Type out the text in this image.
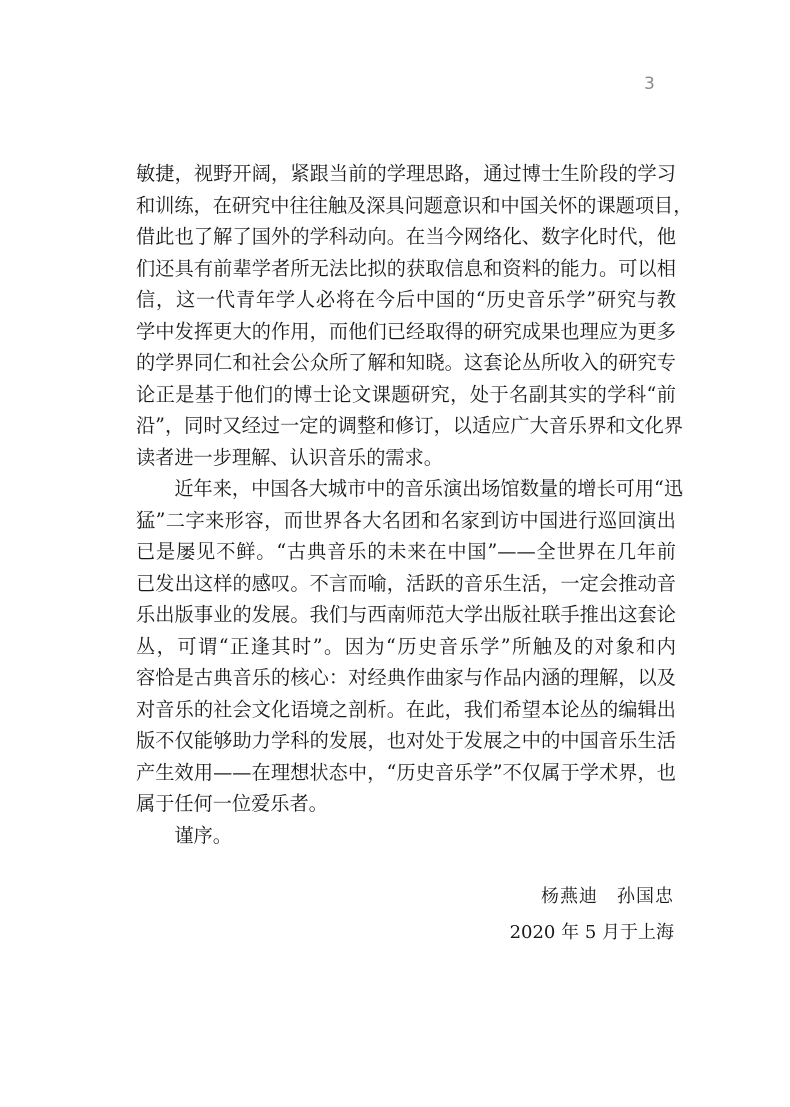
3
敏捷，视野开阔，紧跟当前的学理思路，通过博士生阶段的学习
和训练，在研究中往往触及深具问题意识和中国关怀的课题项目，
借此也了解了国外的学科动向。在当今网络化、数字化时代，他
们还具有前辈学者所无法比拟的获取信息和资料的能力。可以相
信，这一代青年学人必将在今后中国的“历史音乐学”研究与教
学中发挥更大的作用，而他们已经取得的研究成果也理应为更多
的学界同仁和社会公众所了解和知晓。这套论丛所收入的研究专
论正是基于他们的博士论文课题研究，处于名副其实的学科“前
沿”，同时又经过一定的调整和修订，以适应广大音乐界和文化界
读者进一步理解、认识音乐的需求。
　　近年来，中国各大城市中的音乐演出场馆数量的增长可用“迅
猛”二字来形容，而世界各大名团和名家到访中国进行巡回演出
已是屡见不鲜。“古典音乐的未来在中国”——全世界在几年前
已发出这样的感叹。不言而喻，活跃的音乐生活，一定会推动音
乐出版事业的发展。我们与西南师范大学出版社联手推出这套论
丛，可谓“正逢其时”。因为“历史音乐学”所触及的对象和内
容恰是古典音乐的核心：对经典作曲家与作品内涵的理解，以及
对音乐的社会文化语境之剖析。在此，我们希望本论丛的编辑出
版不仅能够助力学科的发展，也对处于发展之中的中国音乐生活
产生效用——在理想状态中，“历史音乐学”不仅属于学术界，也
属于任何一位爱乐者。
　　谨序。
杨燕迪　孙国忠
2020 年 5 月于上海
